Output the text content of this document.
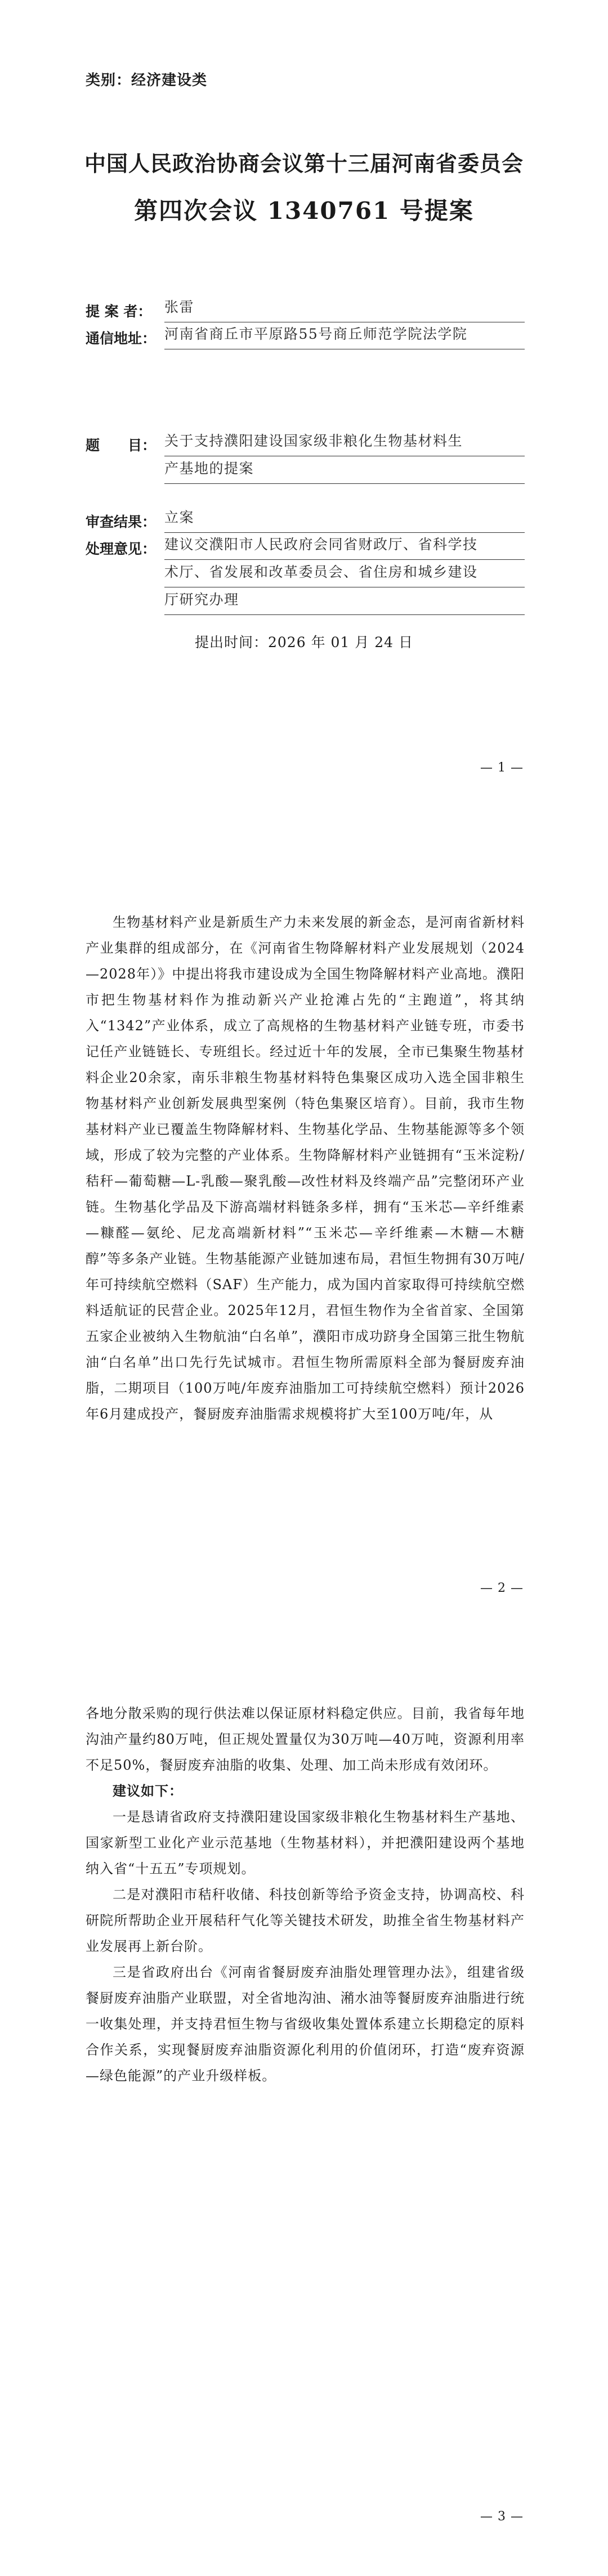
类别：经济建设类
中国人民政治协商会议第十三届河南省委员会
第四次会议 1340761 号提案
提 案 者： 张雷
通信地址： 河南省商丘市平原路55号商丘师范学院法学院
题　　目： 关于支持濮阳建设国家级非粮化生物基材料生
产基地的提案
审查结果： 立案
处理意见： 建议交濮阳市人民政府会同省财政厅、省科学技
术厅、省发展和改革委员会、省住房和城乡建设
厅研究办理
提出时间：2026 年 01 月 24 日
— 1 —

生物基材料产业是新质生产力未来发展的新金态，是河南省新材料产业集群的组成部分，在《河南省生物降解材料产业发展规划（2024—2028年）》中提出将我市建设成为全国生物降解材料产业高地。濮阳市把生物基材料作为推动新兴产业抢滩占先的“主跑道”，将其纳入“1342”产业体系，成立了高规格的生物基材料产业链专班，市委书记任产业链链长、专班组长。经过近十年的发展，全市已集聚生物基材料企业20余家，南乐非粮生物基材料特色集聚区成功入选全国非粮生物基材料产业创新发展典型案例（特色集聚区培育）。目前，我市生物基材料产业已覆盖生物降解材料、生物基化学品、生物基能源等多个领域，形成了较为完整的产业体系。生物降解材料产业链拥有“玉米淀粉/秸秆—葡萄糖—L-乳酸—聚乳酸—改性材料及终端产品”完整闭环产业链。生物基化学品及下游高端材料链条多样，拥有“玉米芯—辛纤维素—糠醛—氨纶、尼龙高端新材料”“玉米芯—辛纤维素—木糖—木糖醇”等多条产业链。生物基能源产业链加速布局，君恒生物拥有30万吨/年可持续航空燃料（SAF）生产能力，成为国内首家取得可持续航空燃料适航证的民营企业。2025年12月，君恒生物作为全省首家、全国第五家企业被纳入生物航油“白名单”，濮阳市成功跻身全国第三批生物航油“白名单”出口先行先试城市。君恒生物所需原料全部为餐厨废弃油脂，二期项目（100万吨/年废弃油脂加工可持续航空燃料）预计2026年6月建成投产，餐厨废弃油脂需求规模将扩大至100万吨/年，从

— 2 —

各地分散采购的现行供法难以保证原材料稳定供应。目前，我省每年地沟油产量约80万吨，但正规处置量仅为30万吨—40万吨，资源利用率不足50%，餐厨废弃油脂的收集、处理、加工尚未形成有效闭环。

建议如下：

一是恳请省政府支持濮阳建设国家级非粮化生物基材料生产基地、国家新型工业化产业示范基地（生物基材料），并把濮阳建设两个基地纳入省“十五五”专项规划。

二是对濮阳市秸秆收储、科技创新等给予资金支持，协调高校、科研院所帮助企业开展秸秆气化等关键技术研发，助推全省生物基材料产业发展再上新台阶。

三是省政府出台《河南省餐厨废弃油脂处理管理办法》，组建省级餐厨废弃油脂产业联盟，对全省地沟油、潲水油等餐厨废弃油脂进行统一收集处理，并支持君恒生物与省级收集处置体系建立长期稳定的原料合作关系，实现餐厨废弃油脂资源化利用的价值闭环，打造“废弃资源—绿色能源”的产业升级样板。

— 3 —
